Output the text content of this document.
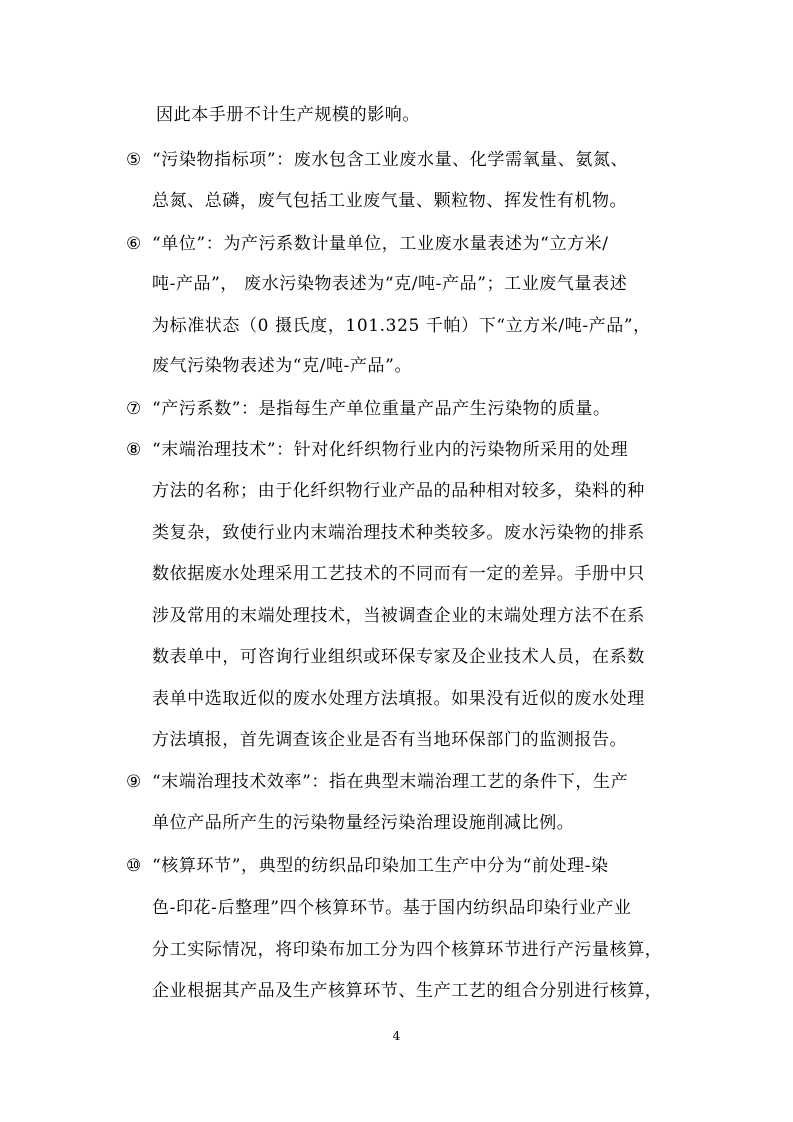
因此本手册不计生产规模的影响。
⑤ “污染物指标项”：废水包含工业废水量、化学需氧量、氨氮、
总氮、总磷，废气包括工业废气量、颗粒物、挥发性有机物。
⑥ “单位”：为产污系数计量单位，工业废水量表述为“立方米/
吨-产品”， 废水污染物表述为“克/吨-产品”；工业废气量表述
为标准状态（0 摄氏度，101.325 千帕）下“立方米/吨-产品”，
废气污染物表述为“克/吨-产品”。
⑦ “产污系数”：是指每生产单位重量产品产生污染物的质量。
⑧ “末端治理技术”：针对化纤织物行业内的污染物所采用的处理
方法的名称；由于化纤织物行业产品的品种相对较多，染料的种
类复杂，致使行业内末端治理技术种类较多。废水污染物的排系
数依据废水处理采用工艺技术的不同而有一定的差异。手册中只
涉及常用的末端处理技术，当被调查企业的末端处理方法不在系
数表单中，可咨询行业组织或环保专家及企业技术人员，在系数
表单中选取近似的废水处理方法填报。如果没有近似的废水处理
方法填报，首先调查该企业是否有当地环保部门的监测报告。
⑨ “末端治理技术效率”：指在典型末端治理工艺的条件下，生产
单位产品所产生的污染物量经污染治理设施削减比例。
⑩ “核算环节”，典型的纺织品印染加工生产中分为“前处理-染
色-印花-后整理”四个核算环节。基于国内纺织品印染行业产业
分工实际情况，将印染布加工分为四个核算环节进行产污量核算，
企业根据其产品及生产核算环节、生产工艺的组合分别进行核算，
4
